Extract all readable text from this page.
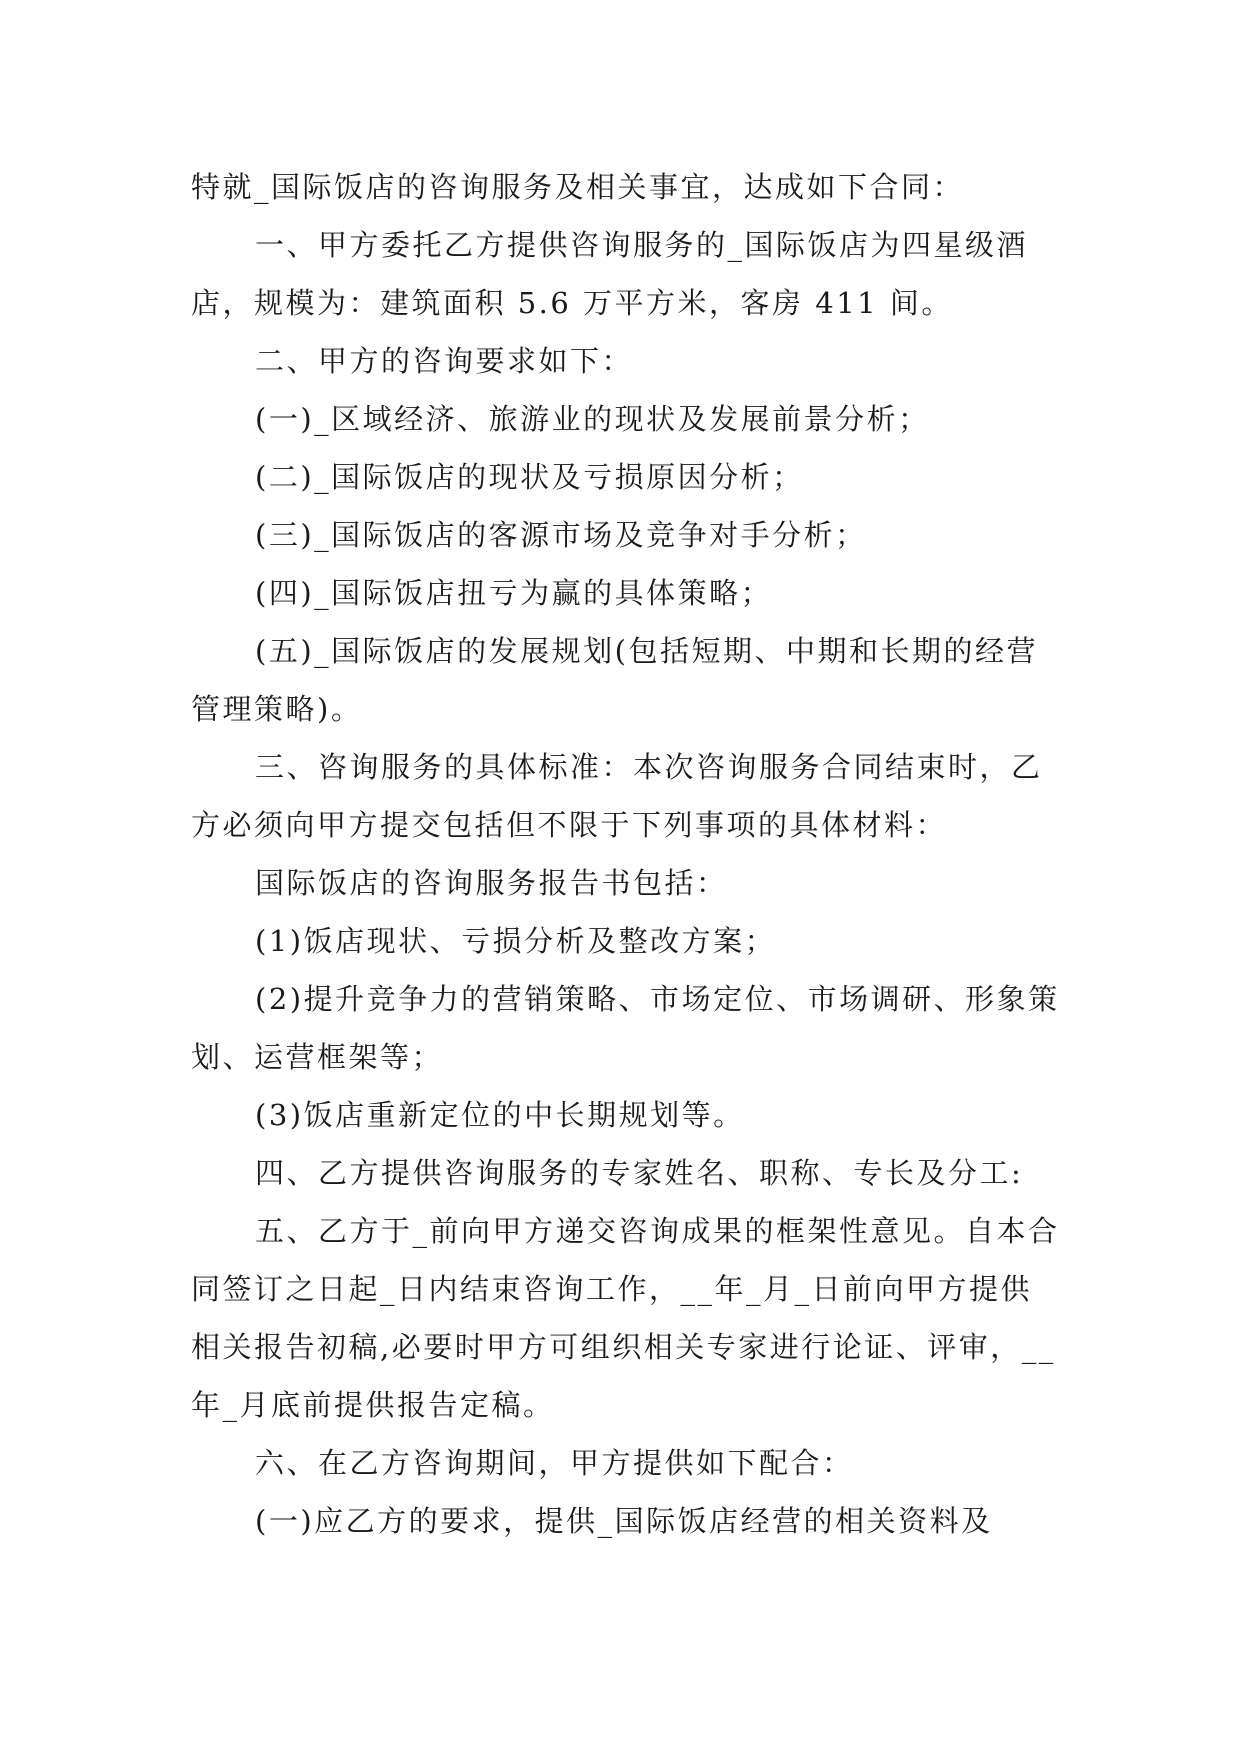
特就_国际饭店的咨询服务及相关事宜，达成如下合同：

一、甲方委托乙方提供咨询服务的_国际饭店为四星级酒店，规模为：建筑面积 5.6 万平方米，客房 411 间。

二、甲方的咨询要求如下：

(一)_区域经济、旅游业的现状及发展前景分析；

(二)_国际饭店的现状及亏损原因分析；

(三)_国际饭店的客源市场及竞争对手分析；

(四)_国际饭店扭亏为赢的具体策略；

(五)_国际饭店的发展规划(包括短期、中期和长期的经营管理策略)。

三、咨询服务的具体标准：本次咨询服务合同结束时，乙方必须向甲方提交包括但不限于下列事项的具体材料：

国际饭店的咨询服务报告书包括：

(1)饭店现状、亏损分析及整改方案；

(2)提升竞争力的营销策略、市场定位、市场调研、形象策划、运营框架等；

(3)饭店重新定位的中长期规划等。

四、乙方提供咨询服务的专家姓名、职称、专长及分工:

五、乙方于_前向甲方递交咨询成果的框架性意见。自本合同签订之日起_日内结束咨询工作，__年_月_日前向甲方提供相关报告初稿,必要时甲方可组织相关专家进行论证、评审，__年_月底前提供报告定稿。

六、在乙方咨询期间，甲方提供如下配合：

(一)应乙方的要求，提供_国际饭店经营的相关资料及
